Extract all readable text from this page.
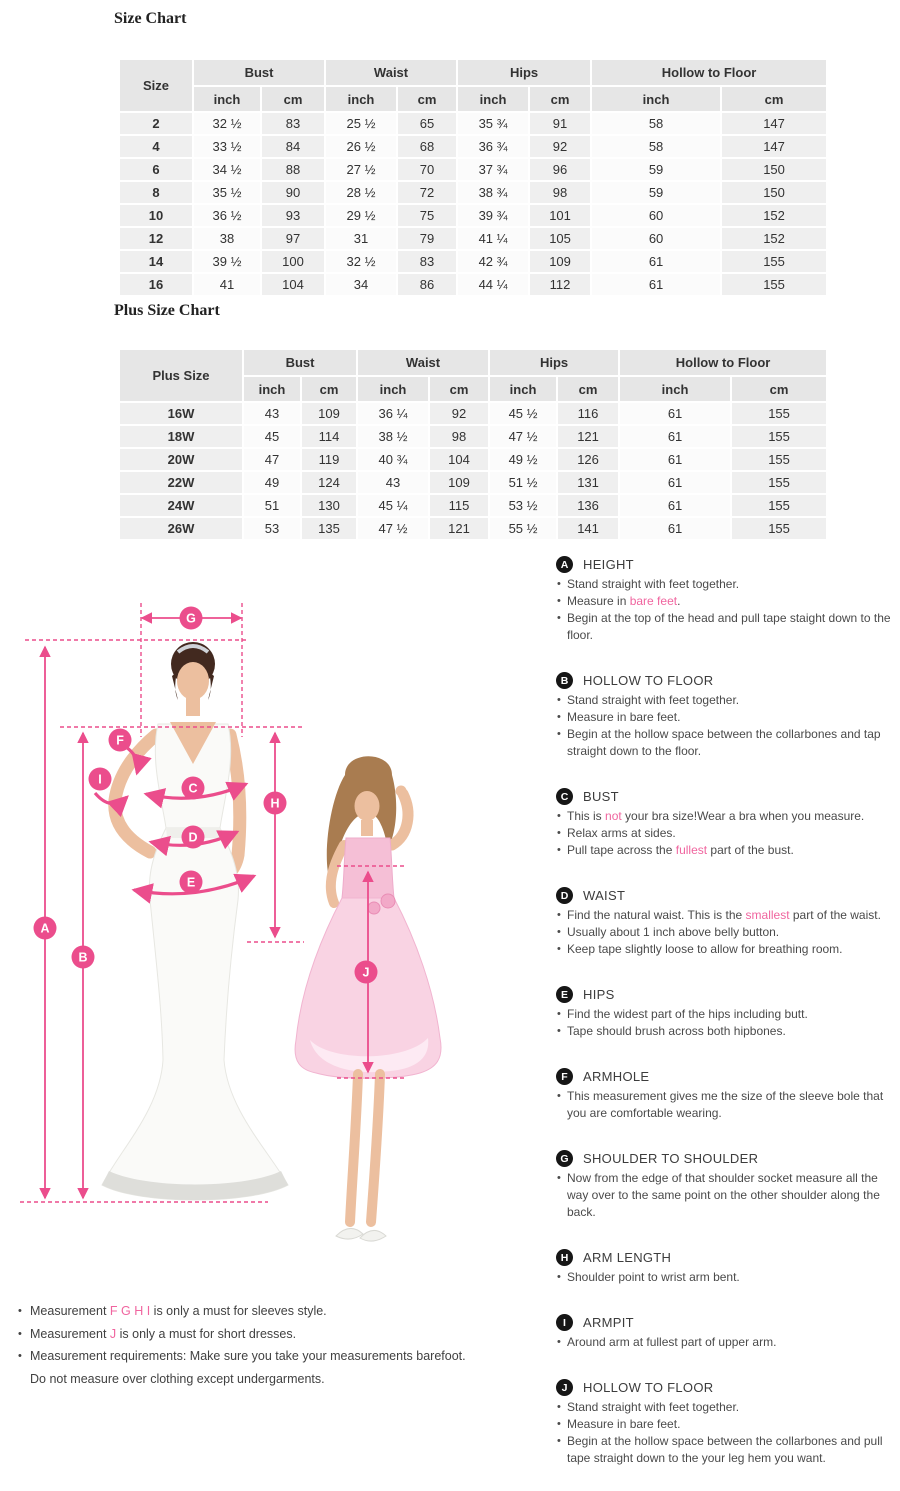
Size Chart
Size	Bust		Waist		Hips		Hollow to Floor	
	inch	cm	inch	cm	inch	cm	inch	cm
2	32 ½	83	25 ½	65	35 ¾	91	58	147
4	33 ½	84	26 ½	68	36 ¾	92	58	147
6	34 ½	88	27 ½	70	37 ¾	96	59	150
8	35 ½	90	28 ½	72	38 ¾	98	59	150
10	36 ½	93	29 ½	75	39 ¾	101	60	152
12	38	97	31	79	41 ¼	105	60	152
14	39 ½	100	32 ½	83	42 ¾	109	61	155
16	41	104	34	86	44 ¼	112	61	155
Plus Size Chart
Plus Size	Bust		Waist		Hips		Hollow to Floor	
	inch	cm	inch	cm	inch	cm	inch	cm
16W	43	109	36 ¼	92	45 ½	116	61	155
18W	45	114	38 ½	98	47 ½	121	61	155
20W	47	119	40 ¾	104	49 ½	126	61	155
22W	49	124	43	109	51 ½	131	61	155
24W	51	130	45 ¼	115	53 ½	136	61	155
26W	53	135	47 ½	121	55 ½	141	61	155
A
B
C
D
E
F
G
H
I
J
A	HEIGHT
• Stand straight with feet together.
• Measure in bare feet.
• Begin at the top of the head and pull tape staight down to the floor.
B	HOLLOW TO FLOOR
• Stand straight with feet together.
• Measure in bare feet.
• Begin at the hollow space between the collarbones and tap straight down to the floor.
C	BUST
• This is not your bra size!Wear a bra when you measure.
• Relax arms at sides.
• Pull tape across the fullest part of the bust.
D	WAIST
• Find the natural waist. This is the smallest part of the waist.
• Usually about 1 inch above belly button.
• Keep tape slightly loose to allow for breathing room.
E	HIPS
• Find the widest part of the hips including butt.
• Tape should brush across both hipbones.
F	ARMHOLE
• This measurement gives me the size of the sleeve bole that you are comfortable wearing.
G	SHOULDER TO SHOULDER
• Now from the edge of that shoulder socket measure all the way over to the same point on the other shoulder along the back.
H	ARM LENGTH
• Shoulder point to wrist arm bent.
I	ARMPIT
• Around arm at fullest part of upper arm.
J	HOLLOW TO FLOOR
• Stand straight with feet together.
• Measure in bare feet.
• Begin at the hollow space between the collarbones and pull tape straight down to the your leg hem you want.
• Measurement F G H I is only a must for sleeves style.
• Measurement J is only a must for short dresses.
• Measurement requirements: Make sure you take your measurements barefoot.
Do not measure over clothing except undergarments.
